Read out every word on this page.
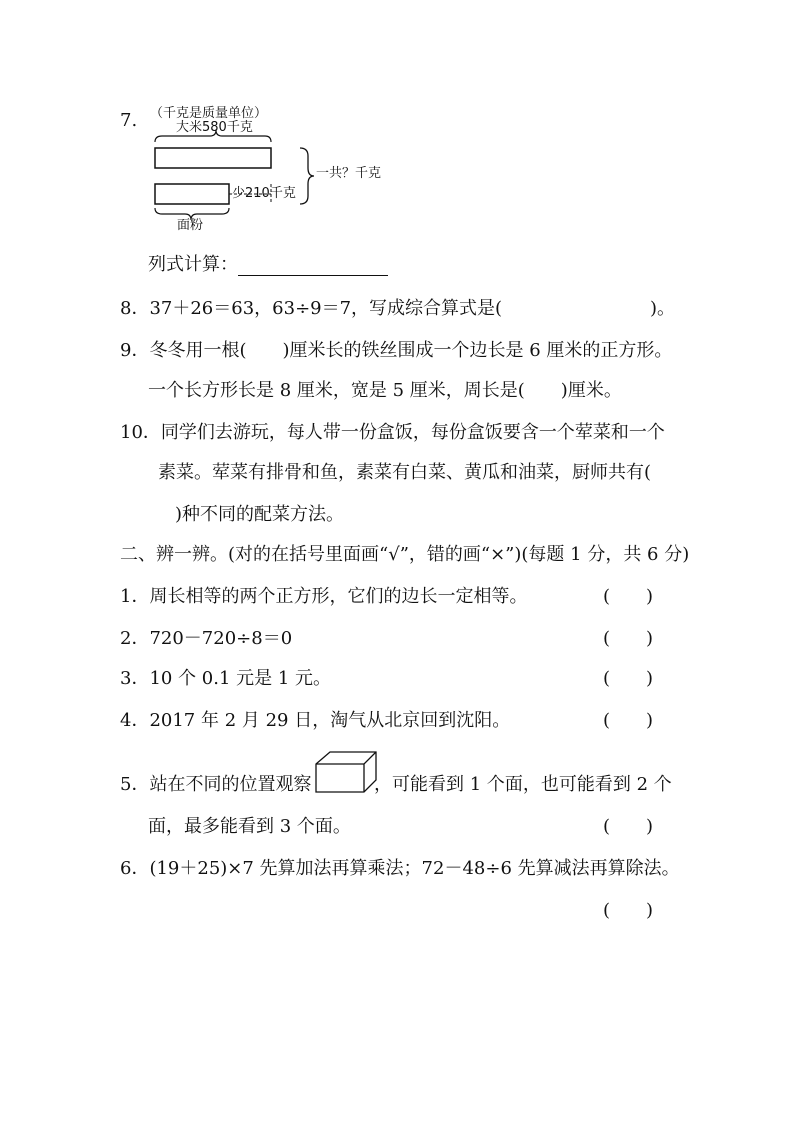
7. （千克是质量单位）
大米580千克
少210千克
面粉
一共？千克
列式计算：
8．37＋26＝63，63÷9＝7，写成综合算式是(	)。
9．冬冬用一根(　　)厘米长的铁丝围成一个边长是 6 厘米的正方形。
一个长方形长是 8 厘米，宽是 5 厘米，周长是(　　)厘米。
10．同学们去游玩，每人带一份盒饭，每份盒饭要含一个荤菜和一个
素菜。荤菜有排骨和鱼，素菜有白菜、黄瓜和油菜，厨师共有(
)种不同的配菜方法。
二、辨一辨。(对的在括号里面画“√”，错的画“×”)(每题 1 分，共 6 分)
1．周长相等的两个正方形，它们的边长一定相等。	(　　)
2．720－720÷8＝0	(　　)
3．10 个 0.1 元是 1 元。	(　　)
4．2017 年 2 月 29 日，淘气从北京回到沈阳。	(　　)
5．站在不同的位置观察	，可能看到 1 个面，也可能看到 2 个
面，最多能看到 3 个面。	(　　)
6．(19＋25)×7 先算加法再算乘法；72－48÷6 先算减法再算除法。
(　　)
